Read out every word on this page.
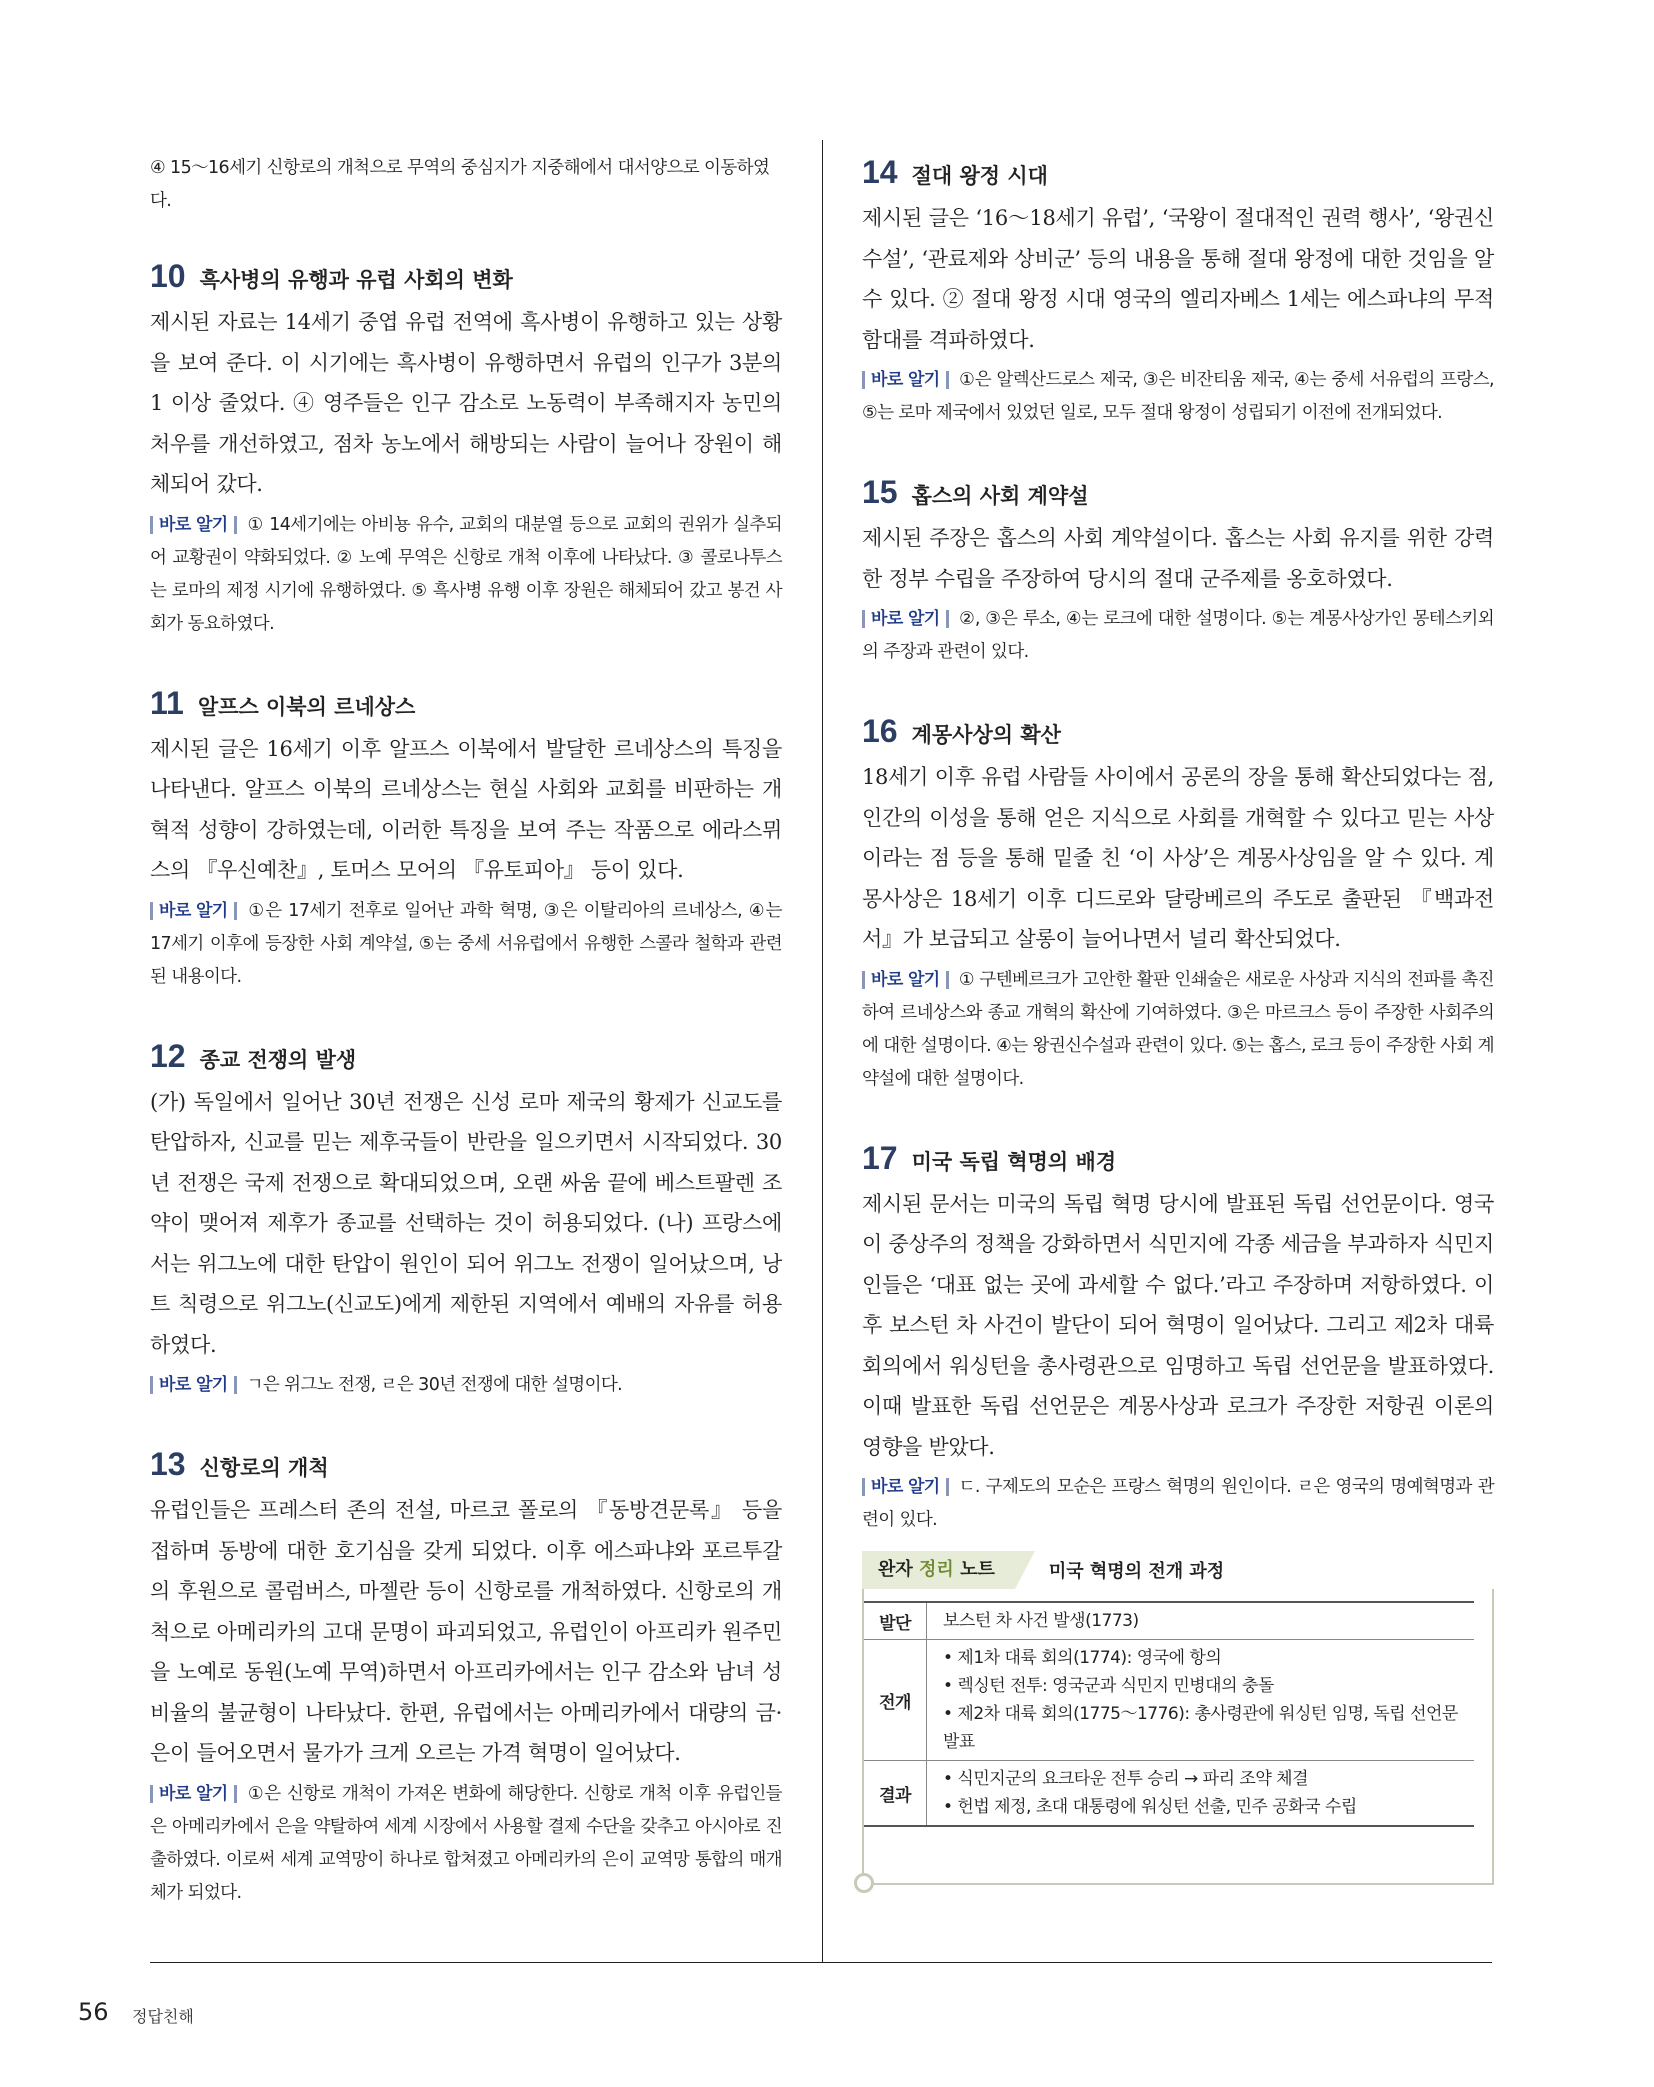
④ 15～16세기 신항로의 개척으로 무역의 중심지가 지중해에서 대서양으로 이동하였다.

10 흑사병의 유행과 유럽 사회의 변화

제시된 자료는 14세기 중엽 유럽 전역에 흑사병이 유행하고 있는 상황을 보여 준다. 이 시기에는 흑사병이 유행하면서 유럽의 인구가 3분의 1 이상 줄었다. ④ 영주들은 인구 감소로 노동력이 부족해지자 농민의 처우를 개선하였고, 점차 농노에서 해방되는 사람이 늘어나 장원이 해체되어 갔다.

바로 알기 ① 14세기에는 아비뇽 유수, 교회의 대분열 등으로 교회의 권위가 실추되어 교황권이 약화되었다. ② 노예 무역은 신항로 개척 이후에 나타났다. ③ 콜로나투스는 로마의 제정 시기에 유행하였다. ⑤ 흑사병 유행 이후 장원은 해체되어 갔고 봉건 사회가 동요하였다.

11 알프스 이북의 르네상스

제시된 글은 16세기 이후 알프스 이북에서 발달한 르네상스의 특징을 나타낸다. 알프스 이북의 르네상스는 현실 사회와 교회를 비판하는 개혁적 성향이 강하였는데, 이러한 특징을 보여 주는 작품으로 에라스뮈스의 『우신예찬』, 토머스 모어의 『유토피아』 등이 있다.

바로 알기 ①은 17세기 전후로 일어난 과학 혁명, ③은 이탈리아의 르네상스, ④는 17세기 이후에 등장한 사회 계약설, ⑤는 중세 서유럽에서 유행한 스콜라 철학과 관련된 내용이다.

12 종교 전쟁의 발생

(가) 독일에서 일어난 30년 전쟁은 신성 로마 제국의 황제가 신교도를 탄압하자, 신교를 믿는 제후국들이 반란을 일으키면서 시작되었다. 30년 전쟁은 국제 전쟁으로 확대되었으며, 오랜 싸움 끝에 베스트팔렌 조약이 맺어져 제후가 종교를 선택하는 것이 허용되었다. (나) 프랑스에서는 위그노에 대한 탄압이 원인이 되어 위그노 전쟁이 일어났으며, 낭트 칙령으로 위그노(신교도)에게 제한된 지역에서 예배의 자유를 허용하였다.

바로 알기 ㄱ은 위그노 전쟁, ㄹ은 30년 전쟁에 대한 설명이다.

13 신항로의 개척

유럽인들은 프레스터 존의 전설, 마르코 폴로의 『동방견문록』 등을 접하며 동방에 대한 호기심을 갖게 되었다. 이후 에스파냐와 포르투갈의 후원으로 콜럼버스, 마젤란 등이 신항로를 개척하였다. 신항로의 개척으로 아메리카의 고대 문명이 파괴되었고, 유럽인이 아프리카 원주민을 노예로 동원(노예 무역)하면서 아프리카에서는 인구 감소와 남녀 성 비율의 불균형이 나타났다. 한편, 유럽에서는 아메리카에서 대량의 금·은이 들어오면서 물가가 크게 오르는 가격 혁명이 일어났다.

바로 알기 ①은 신항로 개척이 가져온 변화에 해당한다. 신항로 개척 이후 유럽인들은 아메리카에서 은을 약탈하여 세계 시장에서 사용할 결제 수단을 갖추고 아시아로 진출하였다. 이로써 세계 교역망이 하나로 합쳐졌고 아메리카의 은이 교역망 통합의 매개체가 되었다.

14 절대 왕정 시대

제시된 글은 ‘16～18세기 유럽’, ‘국왕이 절대적인 권력 행사’, ‘왕권신수설’, ‘관료제와 상비군’ 등의 내용을 통해 절대 왕정에 대한 것임을 알 수 있다. ② 절대 왕정 시대 영국의 엘리자베스 1세는 에스파냐의 무적함대를 격파하였다.

바로 알기 ①은 알렉산드로스 제국, ③은 비잔티움 제국, ④는 중세 서유럽의 프랑스, ⑤는 로마 제국에서 있었던 일로, 모두 절대 왕정이 성립되기 이전에 전개되었다.

15 홉스의 사회 계약설

제시된 주장은 홉스의 사회 계약설이다. 홉스는 사회 유지를 위한 강력한 정부 수립을 주장하여 당시의 절대 군주제를 옹호하였다.

바로 알기 ②, ③은 루소, ④는 로크에 대한 설명이다. ⑤는 계몽사상가인 몽테스키외의 주장과 관련이 있다.

16 계몽사상의 확산

18세기 이후 유럽 사람들 사이에서 공론의 장을 통해 확산되었다는 점, 인간의 이성을 통해 얻은 지식으로 사회를 개혁할 수 있다고 믿는 사상이라는 점 등을 통해 밑줄 친 ‘이 사상’은 계몽사상임을 알 수 있다. 계몽사상은 18세기 이후 디드로와 달랑베르의 주도로 출판된 『백과전서』가 보급되고 살롱이 늘어나면서 널리 확산되었다.

바로 알기 ① 구텐베르크가 고안한 활판 인쇄술은 새로운 사상과 지식의 전파를 촉진하여 르네상스와 종교 개혁의 확산에 기여하였다. ③은 마르크스 등이 주장한 사회주의에 대한 설명이다. ④는 왕권신수설과 관련이 있다. ⑤는 홉스, 로크 등이 주장한 사회 계약설에 대한 설명이다.

17 미국 독립 혁명의 배경

제시된 문서는 미국의 독립 혁명 당시에 발표된 독립 선언문이다. 영국이 중상주의 정책을 강화하면서 식민지에 각종 세금을 부과하자 식민지인들은 ‘대표 없는 곳에 과세할 수 없다.’라고 주장하며 저항하였다. 이후 보스턴 차 사건이 발단이 되어 혁명이 일어났다. 그리고 제2차 대륙 회의에서 워싱턴을 총사령관으로 임명하고 독립 선언문을 발표하였다. 이때 발표한 독립 선언문은 계몽사상과 로크가 주장한 저항권 이론의 영향을 받았다.

바로 알기 ㄷ. 구제도의 모순은 프랑스 혁명의 원인이다. ㄹ은 영국의 명예혁명과 관련이 있다.

완자 정리 노트	미국 혁명의 전개 과정
발단	보스턴 차 사건 발생(1773)

전개	• 제1차 대륙 회의(1774): 영국에 항의
• 렉싱턴 전투: 영국군과 식민지 민병대의 충돌
• 제2차 대륙 회의(1775～1776): 총사령관에 워싱턴 임명, 독립 선언문 발표

결과	• 식민지군의 요크타운 전투 승리 → 파리 조약 체결
• 헌법 제정, 초대 대통령에 워싱턴 선출, 민주 공화국 수립
56 정답친해
